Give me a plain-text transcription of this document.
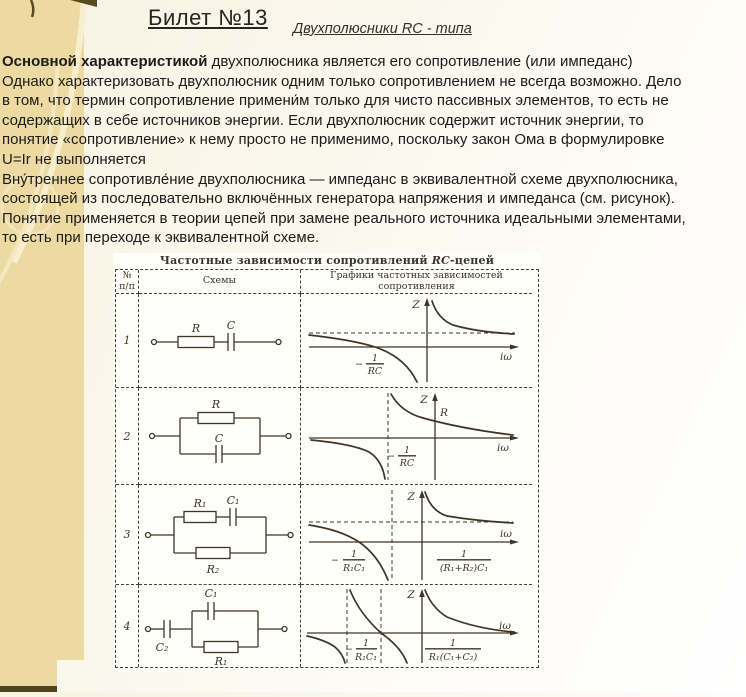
Билет №13 Двухполюсники RC - типа
Основной характеристикой двухполюсника является его сопротивление (или импеданс)
Однако характеризовать двухполюсник одним только сопротивлением не всегда возможно. Дело
в том, что термин сопротивление примени́м только для чисто пассивных элементов, то есть не
содержащих в себе источников энергии. Если двухполюсник содержит источник энергии, то
понятие «сопротивление» к нему просто не применимо, поскольку закон Ома в формулировке
U=Ir не выполняется
Вну́треннее сопротивле́ние двухполюсника — импеданс в эквивалентной схеме двухполюсника,
состоящей из последовательно включённых генератора напряжения и импеданса (см. рисунок).
Понятие применяется в теории цепей при замене реального источника идеальными элементами,
то есть при переходе к эквивалентной схеме.
Частотные зависимости сопротивлений RC-цепей
№
п/п	Схемы	Графики частотных зависимостей
сопротивления
1
R C
Z
iω
−
1
RC
2
R
C
Z
iω
R
−
1
RC
3
R₁ C₁
R₂
Z
iω
−
1
R₁C₁
1
(R₁+R₂)C₁
4
C₁
C₂
R₁
Z
iω
−
1
R₁C₁
1
R₁(C₁+C₂)
